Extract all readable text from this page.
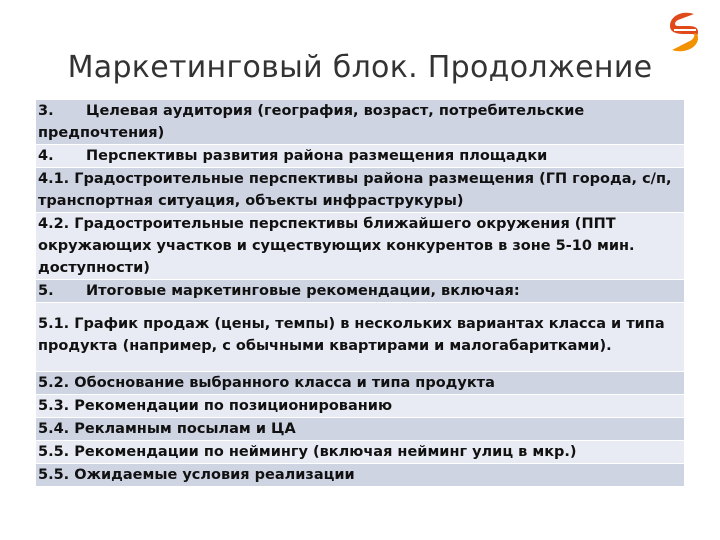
Маркетинговый блок. Продолжение
3. Целевая аудитория (география, возраст, потребительские предпочтения)
4. Перспективы развития района размещения площадки
4.1. Градостроительные перспективы района размещения (ГП города, с/п, транспортная ситуация, объекты инфраструкуры)
4.2. Градостроительные перспективы ближайшего окружения (ППТ окружающих участков и существующих конкурентов в зоне 5-10 мин. доступности)
5. Итоговые маркетинговые рекомендации, включая:
5.1. График продаж (цены, темпы) в нескольких вариантах класса и типа продукта (например, с обычными квартирами и малогабаритками).
5.2. Обоснование выбранного класса и типа продукта
5.3. Рекомендации по позиционированию
5.4. Рекламным посылам и ЦА
5.5. Рекомендации по неймингу (включая нейминг улиц в мкр.)
5.5. Ожидаемые условия реализации
